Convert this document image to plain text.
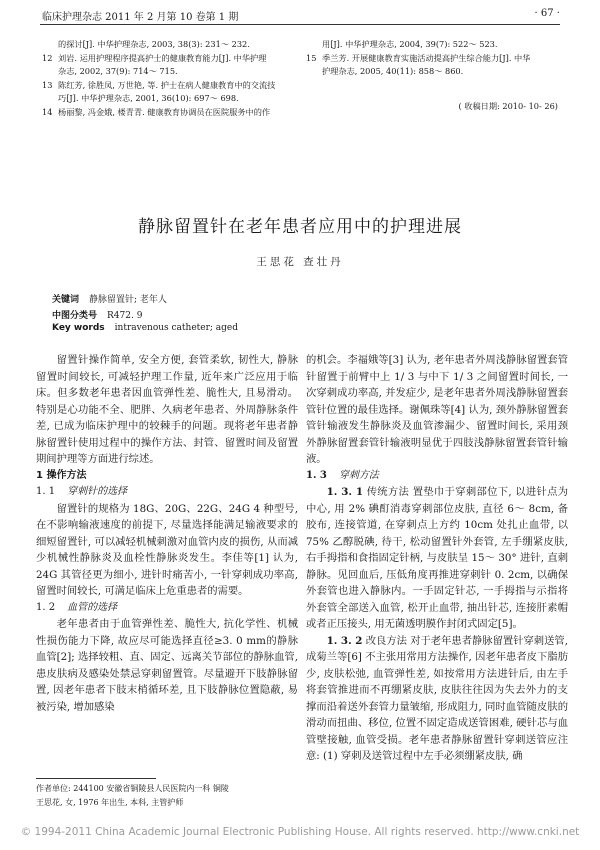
临床护理杂志 2011 年 2 月第 10 卷第 1 期	· 67 ·
的探讨[J]. 中华护理杂志, 2003, 38(3): 231～ 232.
12 刘岩. 运用护理程序提高护士的健康教育能力[J]. 中华护理
杂志, 2002, 37(9): 714～ 715.
13 陈红芳, 徐胜凤, 万世艳, 等. 护士在病人健康教育中的交流技
巧[J]. 中华护理杂志, 2001, 36(10): 697～ 698.
14 杨丽黎, 冯金娥, 楼青青. 健康教育协调员在医院服务中的作
用[J]. 中华护理杂志, 2004, 39(7): 522～ 523.
15 季兰芳. 开展健康教育实施活动提高护生综合能力[J]. 中华
护理杂志, 2005, 40(11): 858～ 860.
( 收稿日期: 2010- 10- 26)
静脉留置针在老年患者应用中的护理进展
王思花 查壮丹
关键词 静脉留置针; 老年人
中图分类号 R472. 9
Key words intravenous catheter; aged
留置针操作简单, 安全方便, 套管柔软, 韧性大, 静脉留置时间较长, 可减轻护理工作量, 近年来广泛应用于临床。但多数老年患者因血管弹性差、脆性大, 且易滑动。特别是心功能不全、肥胖、久病老年患者、外周静脉条件差, 已成为临床护理中的较棘手的问题。现将老年患者静脉留置针使用过程中的操作方法、封管、留置时间及留置期间护理等方面进行综述。
1 操作方法
1. 1 穿刺针的选择
留置针的规格为 18G、20G、22G、24G 4 种型号, 在不影响输液速度的前提下, 尽量选择能满足输液要求的细短留置针, 可以减轻机械刺激对血管内皮的损伤, 从而减少机械性静脉炎及血栓性静脉炎发生。李佳等[1] 认为, 24G 其管径更为细小, 进针时痛苦小, 一针穿刺成功率高, 留置时间较长, 可满足临床上危重患者的需要。
1. 2 血管的选择
老年患者由于血管弹性差、脆性大, 抗化学性、机械性损伤能力下降, 故应尽可能选择直径≥3. 0 mm的静脉血管[2]; 选择较粗、直、固定、远离关节部位的静脉血管, 患皮肤病及感染处禁忌穿刺留置管。尽量避开下肢静脉留置, 因老年患者下肢末梢循环差, 且下肢静脉位置隐蔽, 易被污染, 增加感染
作者单位: 244100 安徽省铜陵县人民医院内一科 铜陵
王思花, 女, 1976 年出生, 本科, 主管护师
的机会。李福娥等[3] 认为, 老年患者外周浅静脉留置套管针留置于前臂中上 1/ 3 与中下 1/ 3 之间留置时间长, 一次穿刺成功率高, 并发症少, 是老年患者外周浅静脉留置套管针位置的最佳选择。谢佩珠等[4] 认为, 颈外静脉留置套管针输液发生静脉炎及血管渗漏少、留置时间长, 采用颈外静脉留置套管针输液明显优于四肢浅静脉留置套管针输液。
1. 3 穿刺方法
1. 3. 1 传统方法 置垫巾于穿刺部位下, 以进针点为中心, 用 2% 碘酊消毒穿刺部位皮肤, 直径 6～ 8cm, 备胶布, 连接管道, 在穿刺点上方约 10cm 处扎止血带, 以 75% 乙醇脱碘, 待干, 松动留置针外套管, 左手绷紧皮肤, 右手拇指和食指固定针柄, 与皮肤呈 15～ 30° 进针, 直刺静脉。见回血后, 压低角度再推进穿刺针 0. 2cm, 以确保外套管也进入静脉内。一手固定针芯, 一手拇指与示指将外套管全部送入血管, 松开止血带, 抽出针芯, 连接肝素帽或者正压接头, 用无菌透明膜作封闭式固定[5]。
1. 3. 2 改良方法 对于老年患者静脉留置针穿刺送管, 成菊兰等[6] 不主张用常用方法操作, 因老年患者皮下脂肪少, 皮肤松弛, 血管弹性差, 如按常用方法进针后, 由左手将套管推进而不再绷紧皮肤, 皮肤往往因为失去外力的支撑而沿着送外套管力量皱缩, 形成阻力, 同时血管随皮肤的滑动而扭曲、移位, 位置不固定造成送管困难, 硬针芯与血管壁接触, 血管受损。老年患者静脉留置针穿刺送管应注意: (1) 穿刺及送管过程中左手必须绷紧皮肤, 确
© 1994-2011 China Academic Journal Electronic Publishing House. All rights reserved. http://www.cnki.net
